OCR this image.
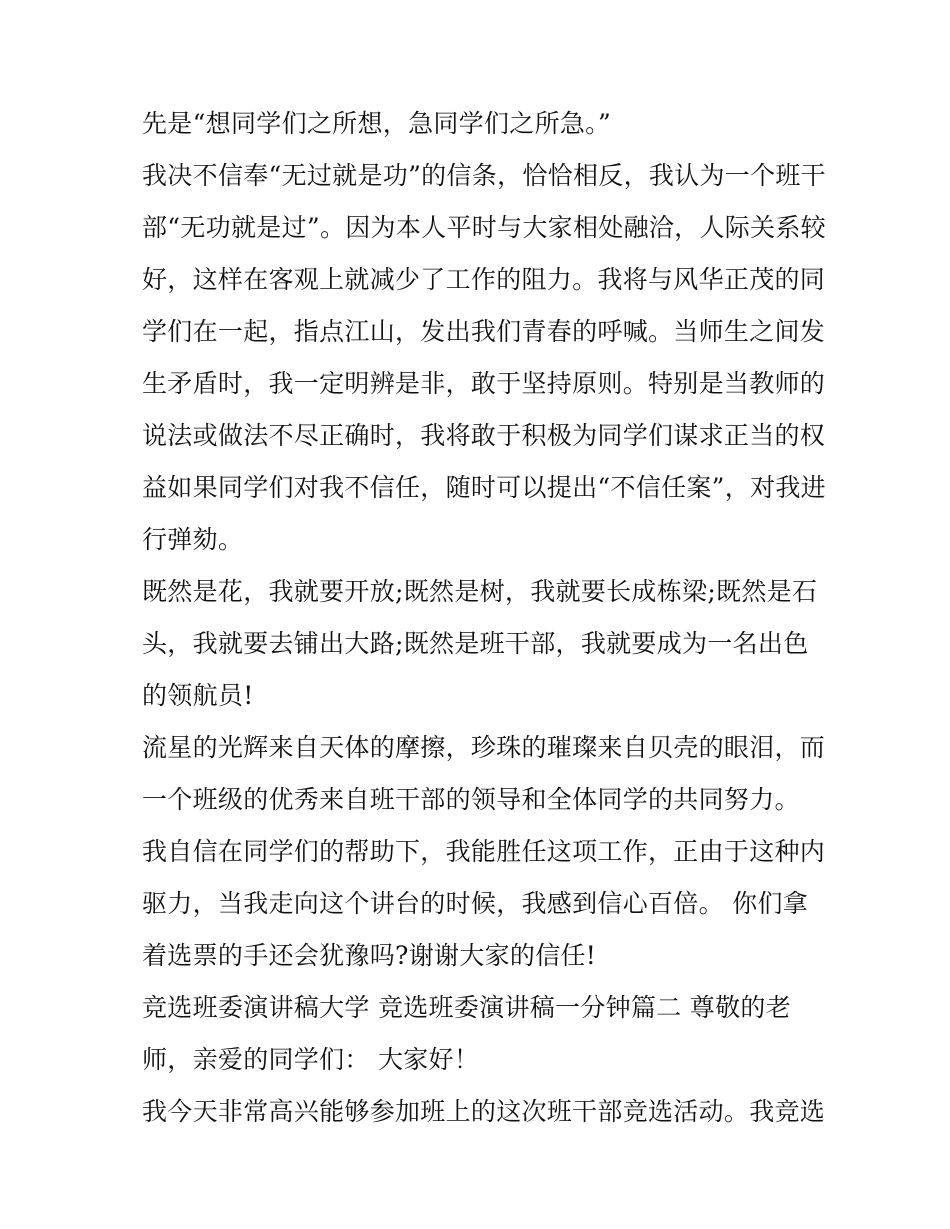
先是“想同学们之所想，急同学们之所急。”
我决不信奉“无过就是功”的信条，恰恰相反，我认为一个班干
部“无功就是过”。因为本人平时与大家相处融洽，人际关系较
好，这样在客观上就减少了工作的阻力。我将与风华正茂的同
学们在一起，指点江山，发出我们青春的呼喊。当师生之间发
生矛盾时，我一定明辨是非，敢于坚持原则。特别是当教师的
说法或做法不尽正确时，我将敢于积极为同学们谋求正当的权
益如果同学们对我不信任，随时可以提出“不信任案”，对我进
行弹劾。
既然是花，我就要开放;既然是树，我就要长成栋梁;既然是石
头，我就要去铺出大路;既然是班干部，我就要成为一名出色
的领航员!
流星的光辉来自天体的摩擦，珍珠的璀璨来自贝壳的眼泪，而
一个班级的优秀来自班干部的领导和全体同学的共同努力。
我自信在同学们的帮助下，我能胜任这项工作，正由于这种内
驱力，当我走向这个讲台的时候，我感到信心百倍。 你们拿
着选票的手还会犹豫吗?谢谢大家的信任!
竞选班委演讲稿大学 竞选班委演讲稿一分钟篇二 尊敬的老
师，亲爱的同学们： 大家好！
我今天非常高兴能够参加班上的这次班干部竞选活动。我竞选
